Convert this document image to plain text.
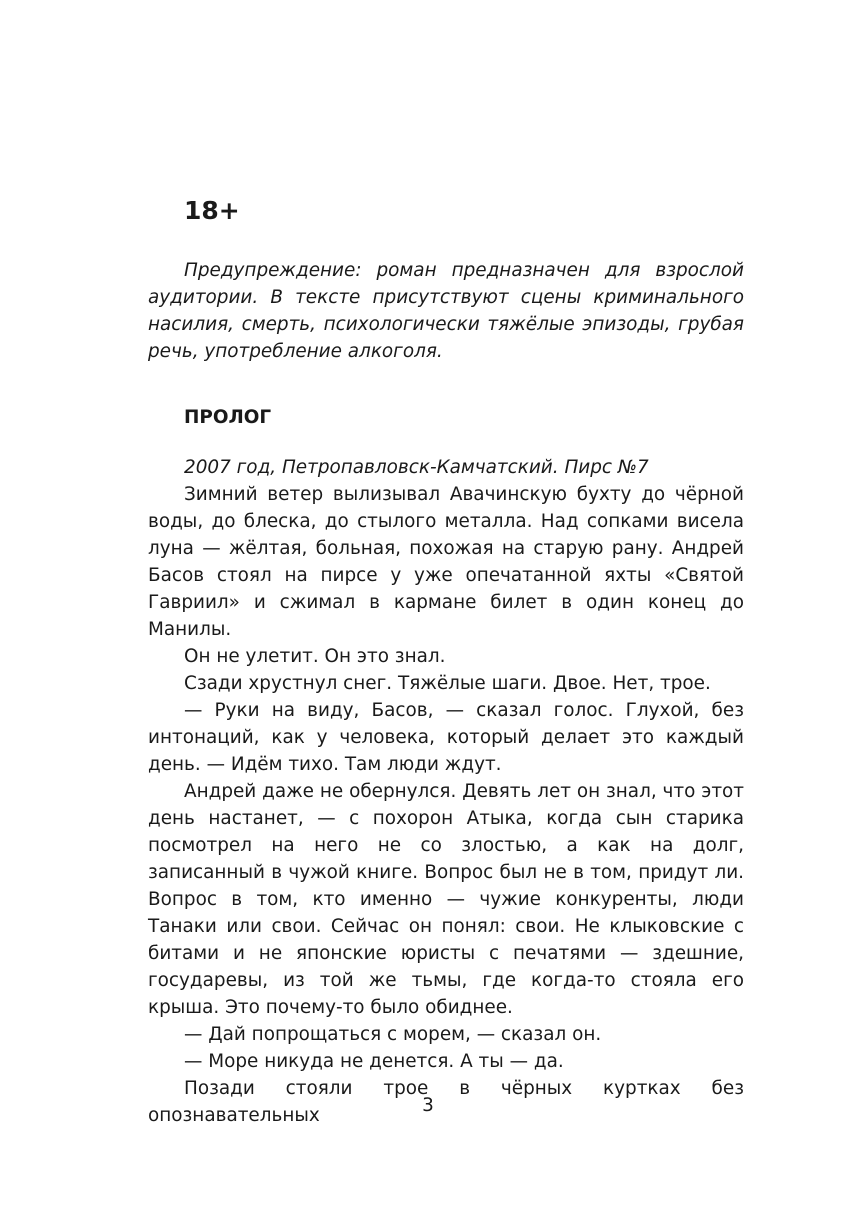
18+

Предупреждение: роман предназначен для взрослой аудитории. В тексте присутствуют сцены криминального насилия, смерть, психологически тяжёлые эпизоды, грубая речь, употребление алкоголя.

ПРОЛОГ

2007 год, Петропавловск-Камчатский. Пирс №7

Зимний ветер вылизывал Авачинскую бухту до чёрной воды, до блеска, до стылого металла. Над сопками висела луна — жёлтая, больная, похожая на старую рану. Андрей Басов стоял на пирсе у уже опечатанной яхты «Святой Гавриил» и сжимал в кармане билет в один конец до Манилы.

Он не улетит. Он это знал.

Сзади хрустнул снег. Тяжёлые шаги. Двое. Нет, трое.

— Руки на виду, Басов, — сказал голос. Глухой, без интонаций, как у человека, который делает это каждый день. — Идём тихо. Там люди ждут.

Андрей даже не обернулся. Девять лет он знал, что этот день настанет, — с похорон Атыка, когда сын старика посмотрел на него не со злостью, а как на долг, записанный в чужой книге. Вопрос был не в том, придут ли. Вопрос в том, кто именно — чужие конкуренты, люди Танаки или свои. Сейчас он понял: свои. Не клыковские с битами и не японские юристы с печатями — здешние, государевы, из той же тьмы, где когда-то стояла его крыша. Это почему-то было обиднее.

— Дай попрощаться с морем, — сказал он.

— Море никуда не денется. А ты — да.

Позади стояли трое в чёрных куртках без опознавательных	3
